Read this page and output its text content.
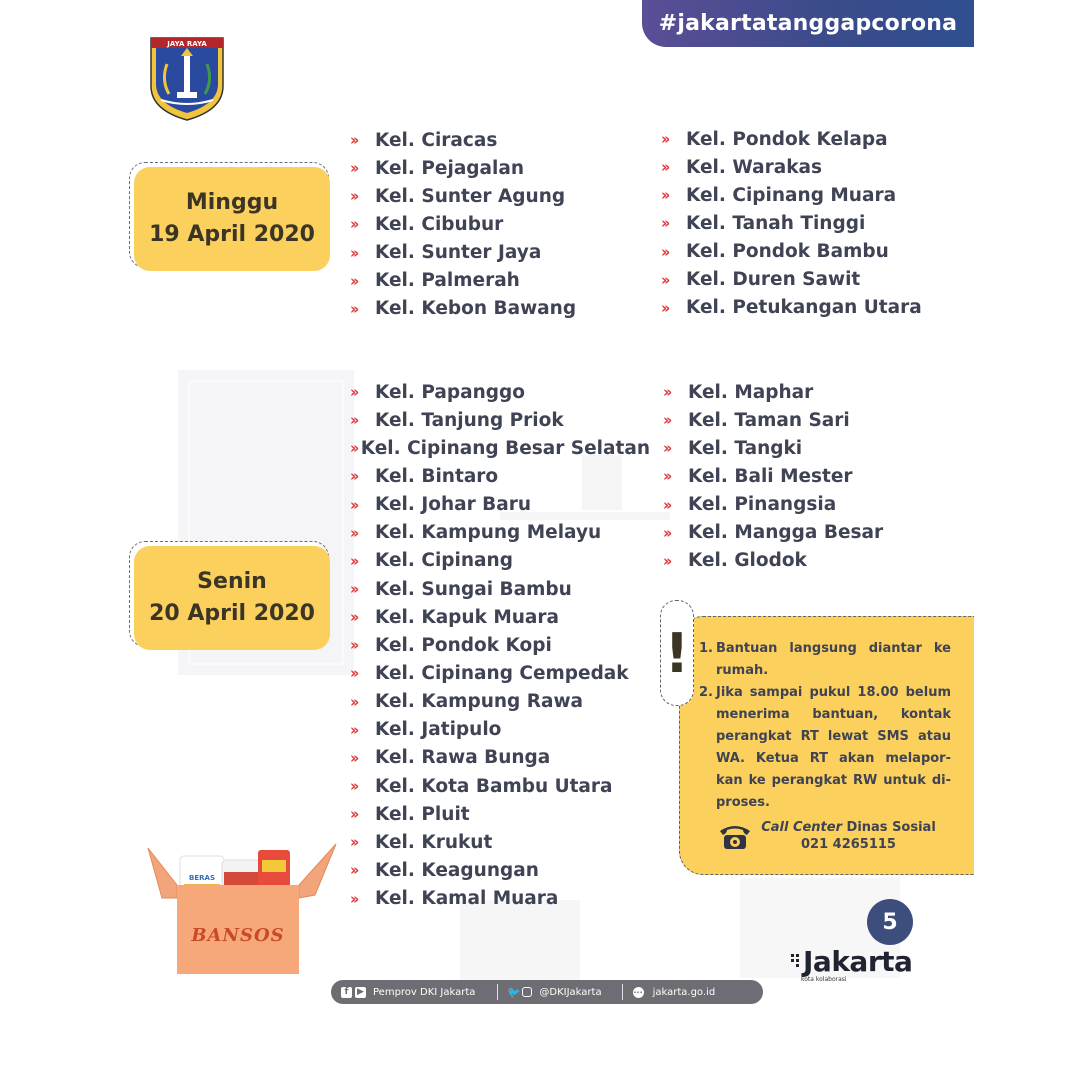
#jakartatanggapcorona
JAYA RAYA
Minggu
19 April 2020
››	Kel. Ciracas
››	Kel. Pejagalan
››	Kel. Sunter Agung
››	Kel. Cibubur
››	Kel. Sunter Jaya
››	Kel. Palmerah
››	Kel. Kebon Bawang
››	Kel. Pondok Kelapa
››	Kel. Warakas
››	Kel. Cipinang Muara
››	Kel. Tanah Tinggi
››	Kel. Pondok Bambu
››	Kel. Duren Sawit
››	Kel. Petukangan Utara
Senin
20 April 2020
››	Kel. Papanggo
››	Kel. Tanjung Priok
›› Kel. Cipinang Besar Selatan
››	Kel. Bintaro
››	Kel. Johar Baru
››	Kel. Kampung Melayu
››	Kel. Cipinang
››	Kel. Sungai Bambu
››	Kel. Kapuk Muara
››	Kel. Pondok Kopi
››	Kel. Cipinang Cempedak
››	Kel. Kampung Rawa
››	Kel. Jatipulo
››	Kel. Rawa Bunga
››	Kel. Kota Bambu Utara
››	Kel. Pluit
››	Kel. Krukut
››	Kel. Keagungan
››	Kel. Kamal Muara
››	Kel. Maphar
››	Kel. Taman Sari
››	Kel. Tangki
››	Kel. Bali Mester
››	Kel. Pinangsia
››	Kel. Mangga Besar
››	Kel. Glodok
1. Bantuan langsung diantar ke rumah.
2. Jika sampai pukul 18.00 belum menerima bantuan, kontak perangkat RT lewat SMS atau WA. Ketua RT akan melapor-kan ke perangkat RW untuk di-proses.
Call Center Dinas Sosial
021 4265115
!
BERAS
BANSOS
5
Jakarta
kota kolaborasi
f ▶ Pemprov DKI Jakarta	🐦 @DKIJakarta	··· jakarta.go.id
